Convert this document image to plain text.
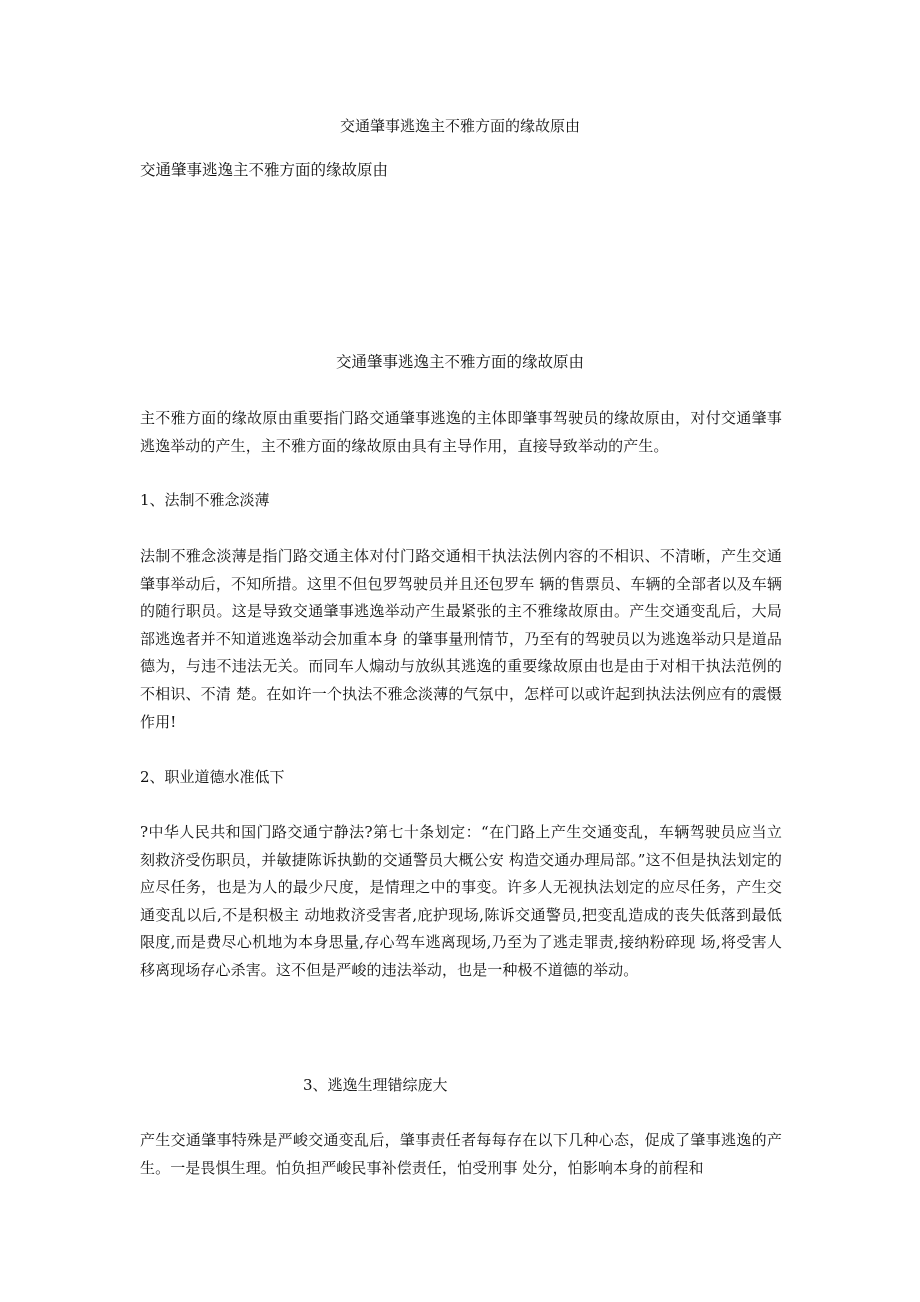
交通肇事逃逸主不雅方面的缘故原由
交通肇事逃逸主不雅方面的缘故原由
交通肇事逃逸主不雅方面的缘故原由
主不雅方面的缘故原由重要指门路交通肇事逃逸的主体即肇事驾驶员的缘故原由，对付交通肇事逃逸举动的产生，主不雅方面的缘故原由具有主导作用，直接导致举动的产生。
1、法制不雅念淡薄
法制不雅念淡薄是指门路交通主体对付门路交通相干执法法例内容的不相识、不清晰，产生交通肇事举动后，不知所措。这里不但包罗驾驶员并且还包罗车 辆的售票员、车辆的全部者以及车辆的随行职员。这是导致交通肇事逃逸举动产生最紧张的主不雅缘故原由。产生交通变乱后，大局部逃逸者并不知道逃逸举动会加重本身 的肇事量刑情节，乃至有的驾驶员以为逃逸举动只是道品德为，与违不违法无关。而同车人煽动与放纵其逃逸的重要缘故原由也是由于对相干执法范例的不相识、不清 楚。在如许一个执法不雅念淡薄的气氛中，怎样可以或许起到执法法例应有的震慑作用!
2、职业道德水准低下
?中华人民共和国门路交通宁静法?第七十条划定：“在门路上产生交通变乱，车辆驾驶员应当立刻救济受伤职员，并敏捷陈诉执勤的交通警员大概公安 构造交通办理局部。”这不但是执法划定的应尽任务，也是为人的最少尺度，是情理之中的事变。许多人无视执法划定的应尽任务，产生交通变乱以后,不是积极主 动地救济受害者,庇护现场,陈诉交通警员,把变乱造成的丧失低落到最低限度,而是费尽心机地为本身思量,存心驾车逃离现场,乃至为了逃走罪责,接纳粉碎现 场,将受害人移离现场存心杀害。这不但是严峻的违法举动，也是一种极不道德的举动。
3、逃逸生理错综庞大
产生交通肇事特殊是严峻交通变乱后，肇事责任者每每存在以下几种心态，促成了肇事逃逸的产生。一是畏惧生理。怕负担严峻民事补偿责任，怕受刑事 处分，怕影响本身的前程和
